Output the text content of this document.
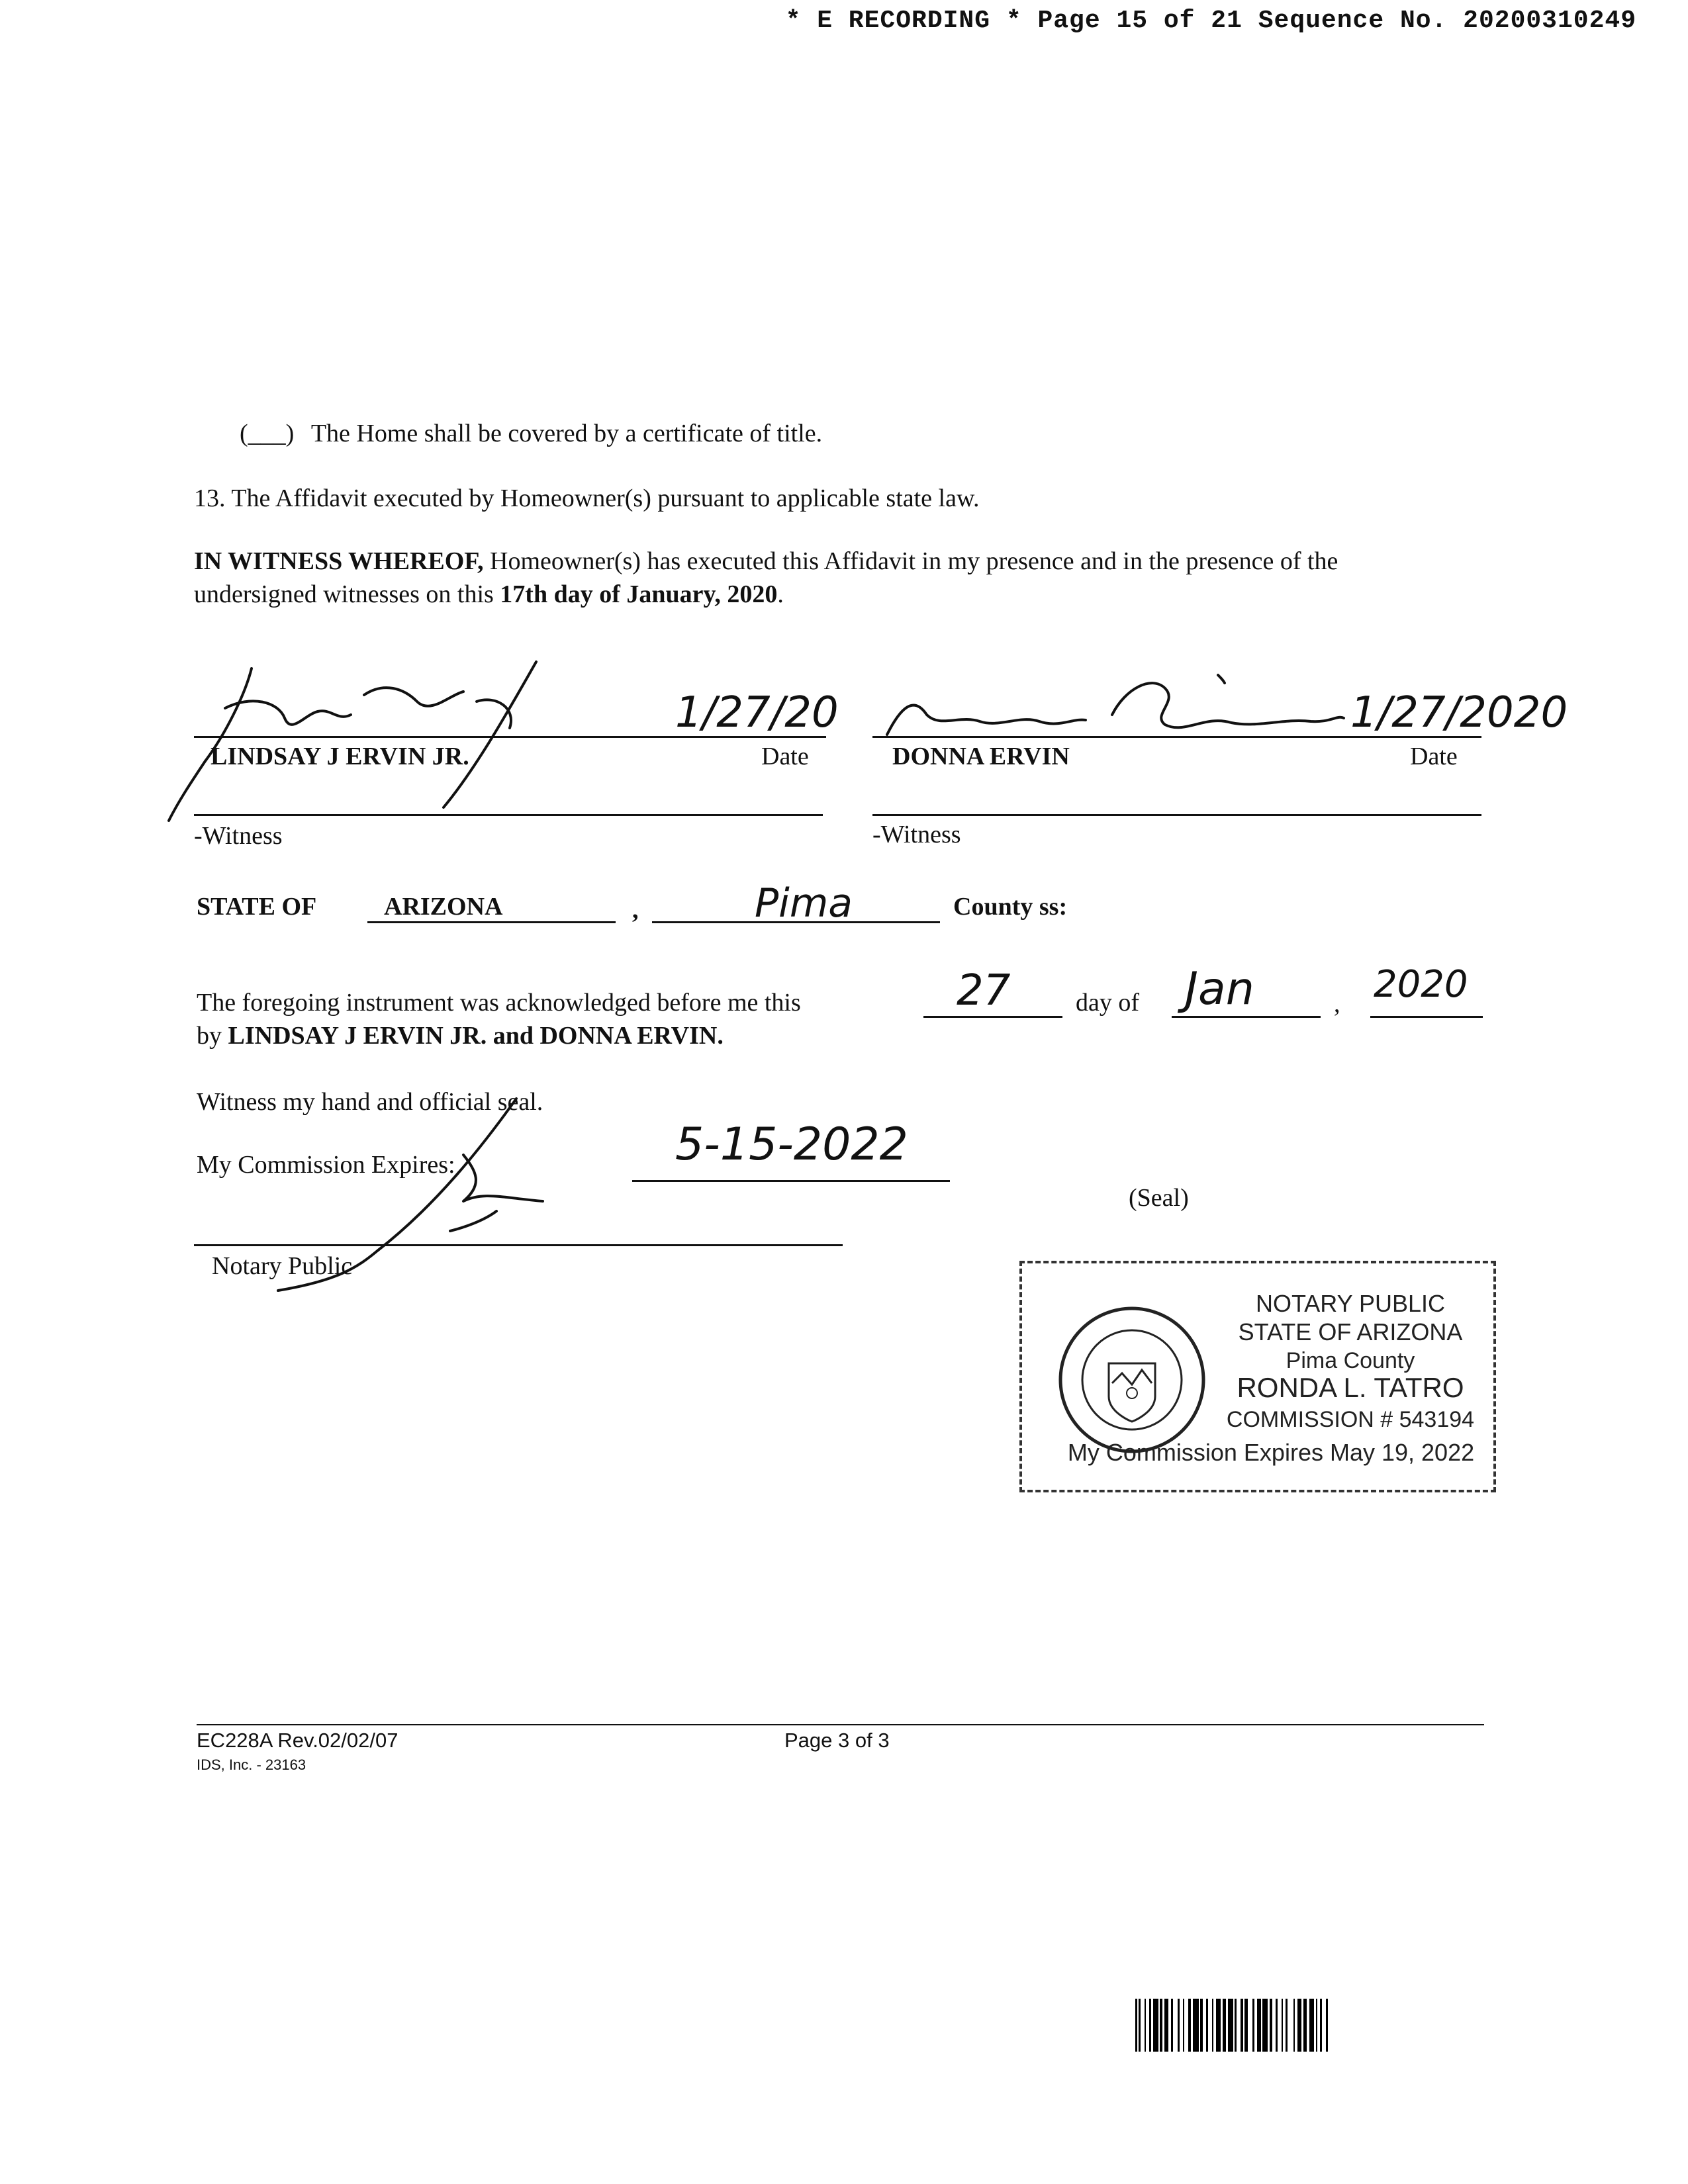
* E RECORDING * Page 15 of 21 Sequence No. 20200310249
(___) The Home shall be covered by a certificate of title.
13. The Affidavit executed by Homeowner(s) pursuant to applicable state law.
IN WITNESS WHEREOF, Homeowner(s) has executed this Affidavit in my presence and in the presence of the
undersigned witnesses on this 17th day of January, 2020.
LINDSAY J ERVIN JR.	Date	DONNA ERVIN	Date
1/27/20	1/27/2020
-Witness	-Witness
STATE OF	ARIZONA	,	Pima	County ss:
The foregoing instrument was acknowledged before me this	27	day of Jan	, 2020
by LINDSAY J ERVIN JR. and DONNA ERVIN.
Witness my hand and official seal.
My Commission Expires:	5-15-2022
(Seal)
Notary Public
NOTARY PUBLIC
STATE OF ARIZONA
Pima County
RONDA L. TATRO
COMMISSION # 543194
My Commission Expires May 19, 2022
EC228A Rev.02/02/07
IDS, Inc. - 23163
Page 3 of 3
